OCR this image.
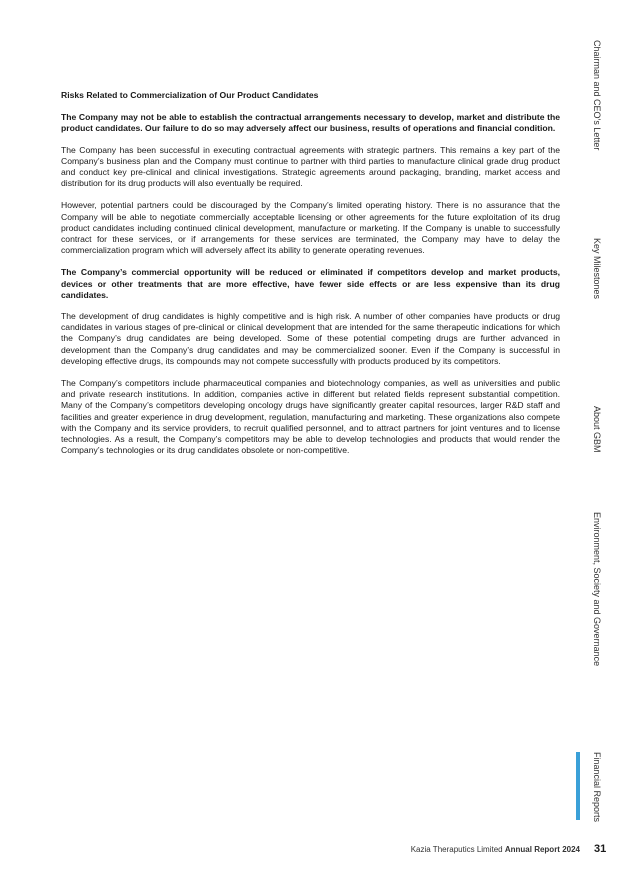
Risks Related to Commercialization of Our Product Candidates

The Company may not be able to establish the contractual arrangements necessary to develop, market and distribute the product candidates. Our failure to do so may adversely affect our business, results of operations and financial condition.

The Company has been successful in executing contractual agreements with strategic partners. This remains a key part of the Company’s business plan and the Company must continue to partner with third parties to manufacture clinical grade drug product and conduct key pre-clinical and clinical investigations. Strategic agreements around packaging, branding, market access and distribution for its drug products will also eventually be required.

However, potential partners could be discouraged by the Company’s limited operating history. There is no assurance that the Company will be able to negotiate commercially acceptable licensing or other agreements for the future exploitation of its drug product candidates including continued clinical development, manufacture or marketing. If the Company is unable to successfully contract for these services, or if arrangements for these services are terminated, the Company may have to delay the commercialization program which will adversely affect its ability to generate operating revenues.

The Company’s commercial opportunity will be reduced or eliminated if competitors develop and market products, devices or other treatments that are more effective, have fewer side effects or are less expensive than its drug candidates.

The development of drug candidates is highly competitive and is high risk. A number of other companies have products or drug candidates in various stages of pre-clinical or clinical development that are intended for the same therapeutic indications for which the Company’s drug candidates are being developed. Some of these potential competing drugs are further advanced in development than the Company’s drug candidates and may be commercialized sooner. Even if the Company is successful in developing effective drugs, its compounds may not compete successfully with products produced by its competitors.

The Company’s competitors include pharmaceutical companies and biotechnology companies, as well as universities and public and private research institutions. In addition, companies active in different but related fields represent substantial competition. Many of the Company’s competitors developing oncology drugs have significantly greater capital resources, larger R&D staff and facilities and greater experience in drug development, regulation, manufacturing and marketing. These organizations also compete with the Company and its service providers, to recruit qualified personnel, and to attract partners for joint ventures and to license technologies. As a result, the Company’s competitors may be able to develop technologies and products that would render the Company’s technologies or its drug candidates obsolete or non-competitive.

Chairman and CEO’s Letter
Key Milestones
About GBM
Environment, Society and Governance
Financial Reports
Kazia Theraputics Limited Annual Report 2024 31
